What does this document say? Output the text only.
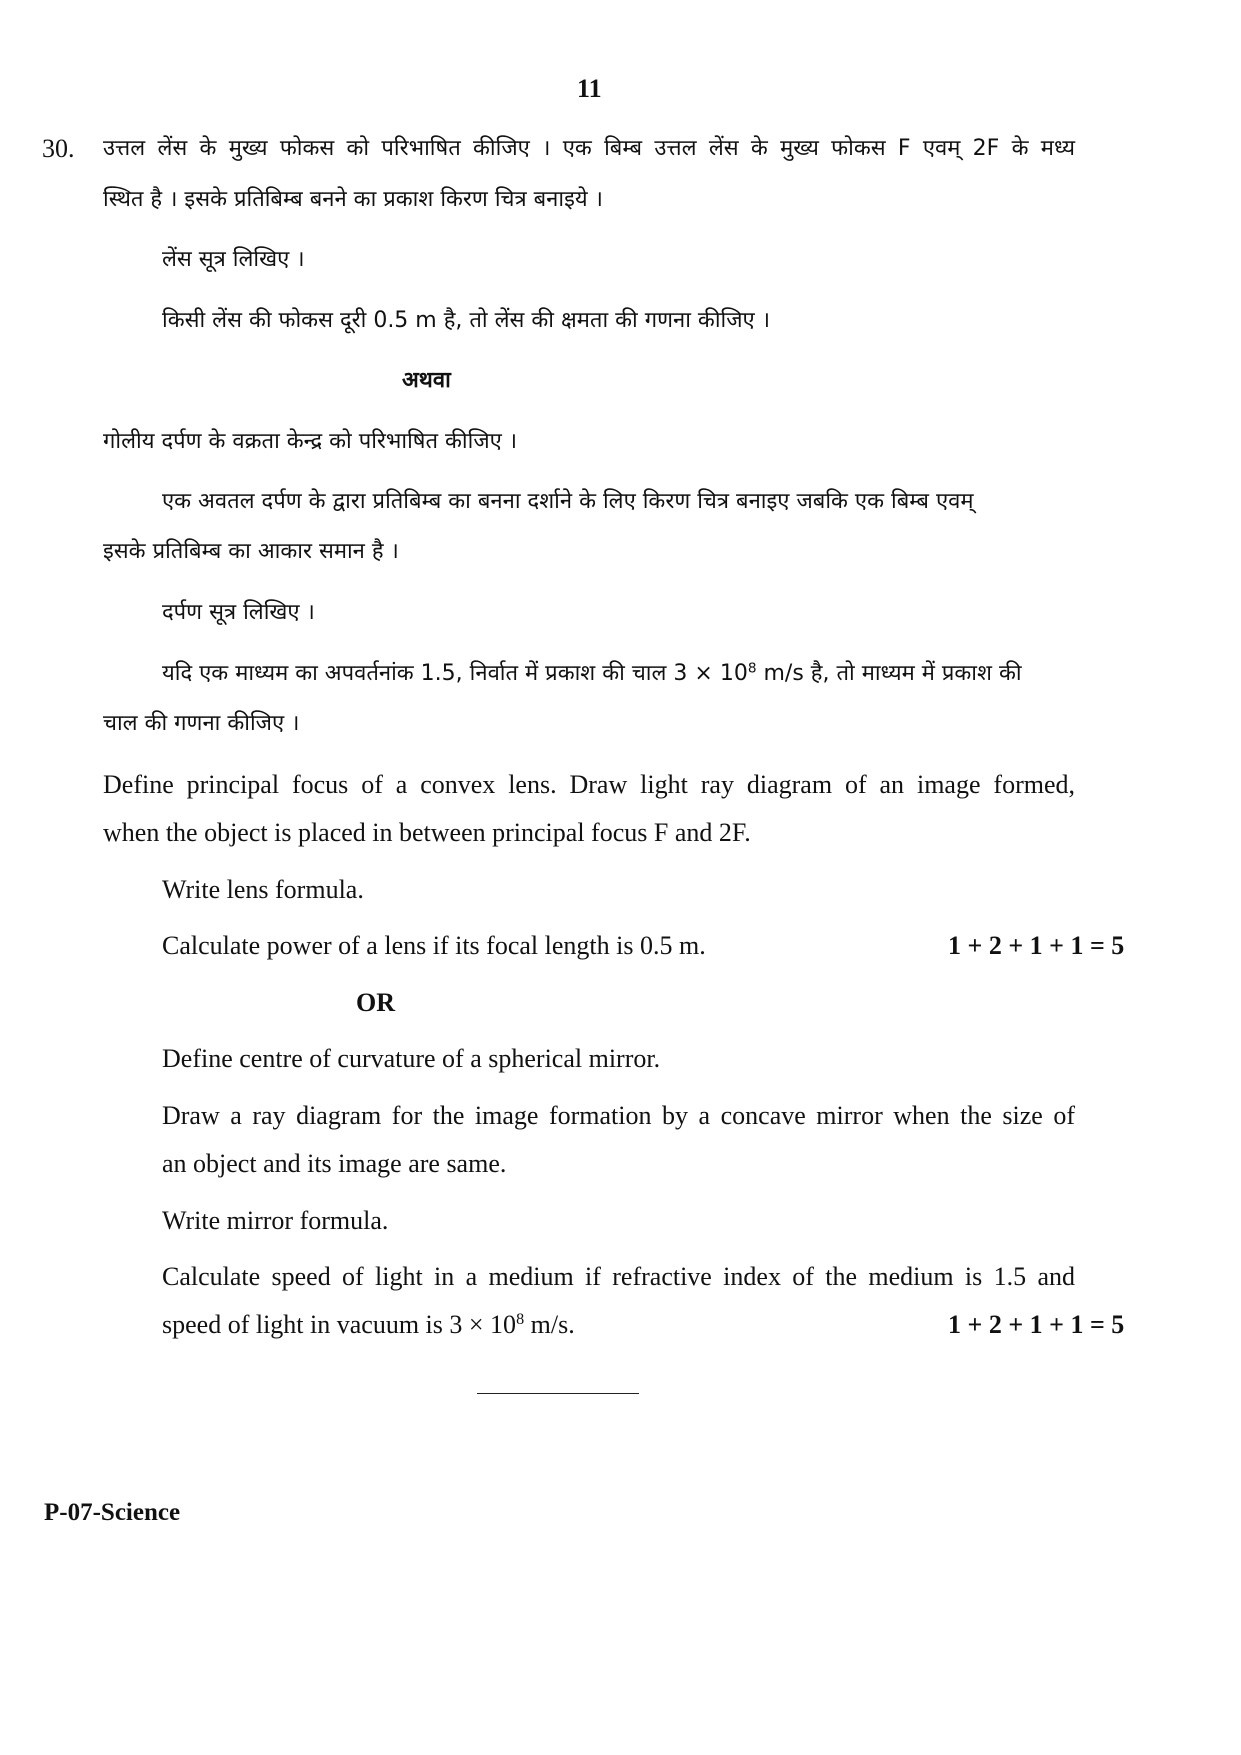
11
30. उत्तल लेंस के मुख्य फोकस को परिभाषित कीजिए । एक बिम्ब उत्तल लेंस के मुख्य फोकस F एवम् 2F के मध्य
स्थित है । इसके प्रतिबिम्ब बनने का प्रकाश किरण चित्र बनाइये ।
लेंस सूत्र लिखिए ।
किसी लेंस की फोकस दूरी 0.5 m है, तो लेंस की क्षमता की गणना कीजिए ।
अथवा
गोलीय दर्पण के वक्रता केन्द्र को परिभाषित कीजिए ।
एक अवतल दर्पण के द्वारा प्रतिबिम्ब का बनना दर्शाने के लिए किरण चित्र बनाइए जबकि एक बिम्ब एवम्
इसके प्रतिबिम्ब का आकार समान है ।
दर्पण सूत्र लिखिए ।
यदि एक माध्यम का अपवर्तनांक 1.5, निर्वात में प्रकाश की चाल $3 \times 10^8$ m/s है, तो माध्यम में प्रकाश की
चाल की गणना कीजिए ।
Define principal focus of a convex lens. Draw light ray diagram of an image formed,
when the object is placed in between principal focus F and 2F.
Write lens formula.
Calculate power of a lens if its focal length is 0.5 m.	1 + 2 + 1 + 1 = 5
OR
Define centre of curvature of a spherical mirror.
Draw a ray diagram for the image formation by a concave mirror when the size of
an object and its image are same.
Write mirror formula.
Calculate speed of light in a medium if refractive index of the medium is 1.5 and
speed of light in vacuum is $3 \times 10^8$ m/s.	1 + 2 + 1 + 1 = 5
P-07-Science
